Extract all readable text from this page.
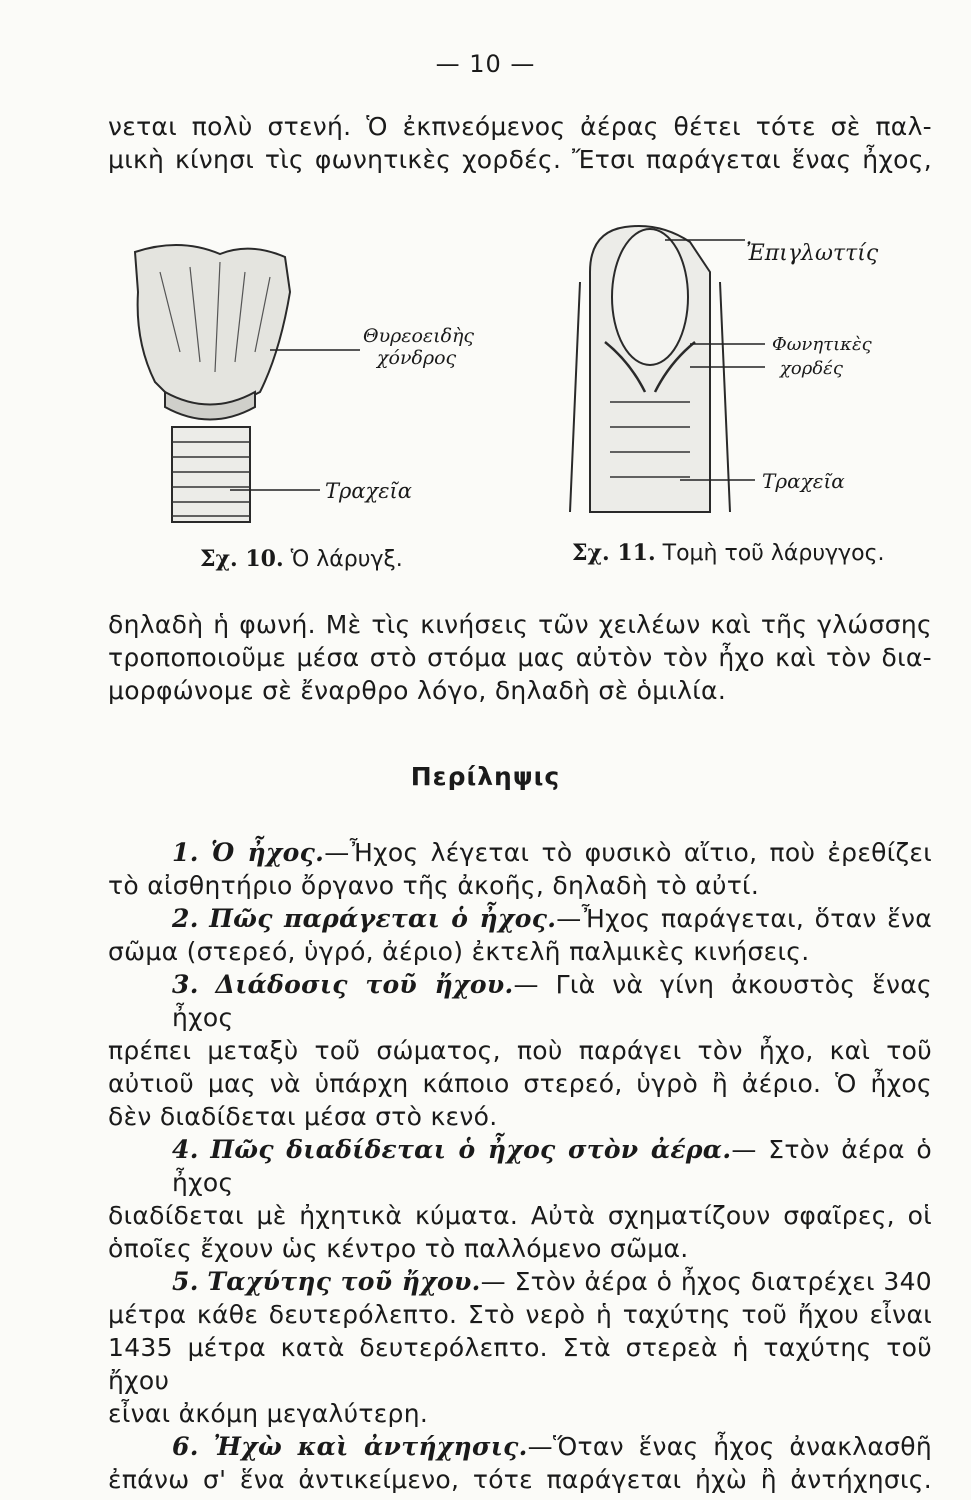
— 10 —
νεται πολὺ στενή. Ὁ ἐκπνεόμενος ἀέρας θέτει τότε σὲ παλ-
μικὴ κίνησι τὶς φωνητικὲς χορδές. Ἔτσι παράγεται ἕνας ἦχος,
Θυρεοειδὴς
χόνδρος
Τραχεῖα
Ἐπιγλωττίς
Φωνητικὲς
χορδές
Τραχεῖα
Σχ. 10. Ὁ λάρυγξ.	Σχ. 11. Τομὴ τοῦ λάρυγγος.
δηλαδὴ ἡ φωνή. Μὲ τὶς κινήσεις τῶν χειλέων καὶ τῆς γλώσσης
τροποποιοῦμε μέσα στὸ στόμα μας αὐτὸν τὸν ἦχο καὶ τὸν δια-
μορφώνομε σὲ ἔναρθρο λόγο, δηλαδὴ σὲ ὁμιλία.
Περίληψις
1. Ὁ ἦχος.—Ἦχος λέγεται τὸ φυσικὸ αἴτιο, ποὺ ἐρεθίζει
τὸ αἰσθητήριο ὄργανο τῆς ἀκοῆς, δηλαδὴ τὸ αὐτί.
2. Πῶς παράγεται ὁ ἦχος.—Ἦχος παράγεται, ὅταν ἕνα
σῶμα (στερεό, ὑγρό, ἀέριο) ἐκτελῆ παλμικὲς κινήσεις.
3. Διάδοσις τοῦ ἤχου.— Γιὰ νὰ γίνη ἀκουστὸς ἕνας ἦχος
πρέπει μεταξὺ τοῦ σώματος, ποὺ παράγει τὸν ἦχο, καὶ τοῦ
αὐτιοῦ μας νὰ ὑπάρχη κάποιο στερεό, ὑγρὸ ἢ ἀέριο. Ὁ ἦχος
δὲν διαδίδεται μέσα στὸ κενό.
4. Πῶς διαδίδεται ὁ ἦχος στὸν ἀέρα.— Στὸν ἀέρα ὁ ἦχος
διαδίδεται μὲ ἠχητικὰ κύματα. Αὐτὰ σχηματίζουν σφαῖρες, οἱ
ὁποῖες ἔχουν ὡς κέντρο τὸ παλλόμενο σῶμα.
5. Ταχύτης τοῦ ἤχου.— Στὸν ἀέρα ὁ ἦχος διατρέχει 340
μέτρα κάθε δευτερόλεπτο. Στὸ νερὸ ἡ ταχύτης τοῦ ἤχου εἶναι
1435 μέτρα κατὰ δευτερόλεπτο. Στὰ στερεὰ ἡ ταχύτης τοῦ ἤχου
εἶναι ἀκόμη μεγαλύτερη.
6. Ἠχὼ καὶ ἀντήχησις.—Ὅταν ἕνας ἦχος ἀνακλασθῆ
ἐπάνω σ' ἕνα ἀντικείμενο, τότε παράγεται ἠχὼ ἢ ἀντήχησις.
